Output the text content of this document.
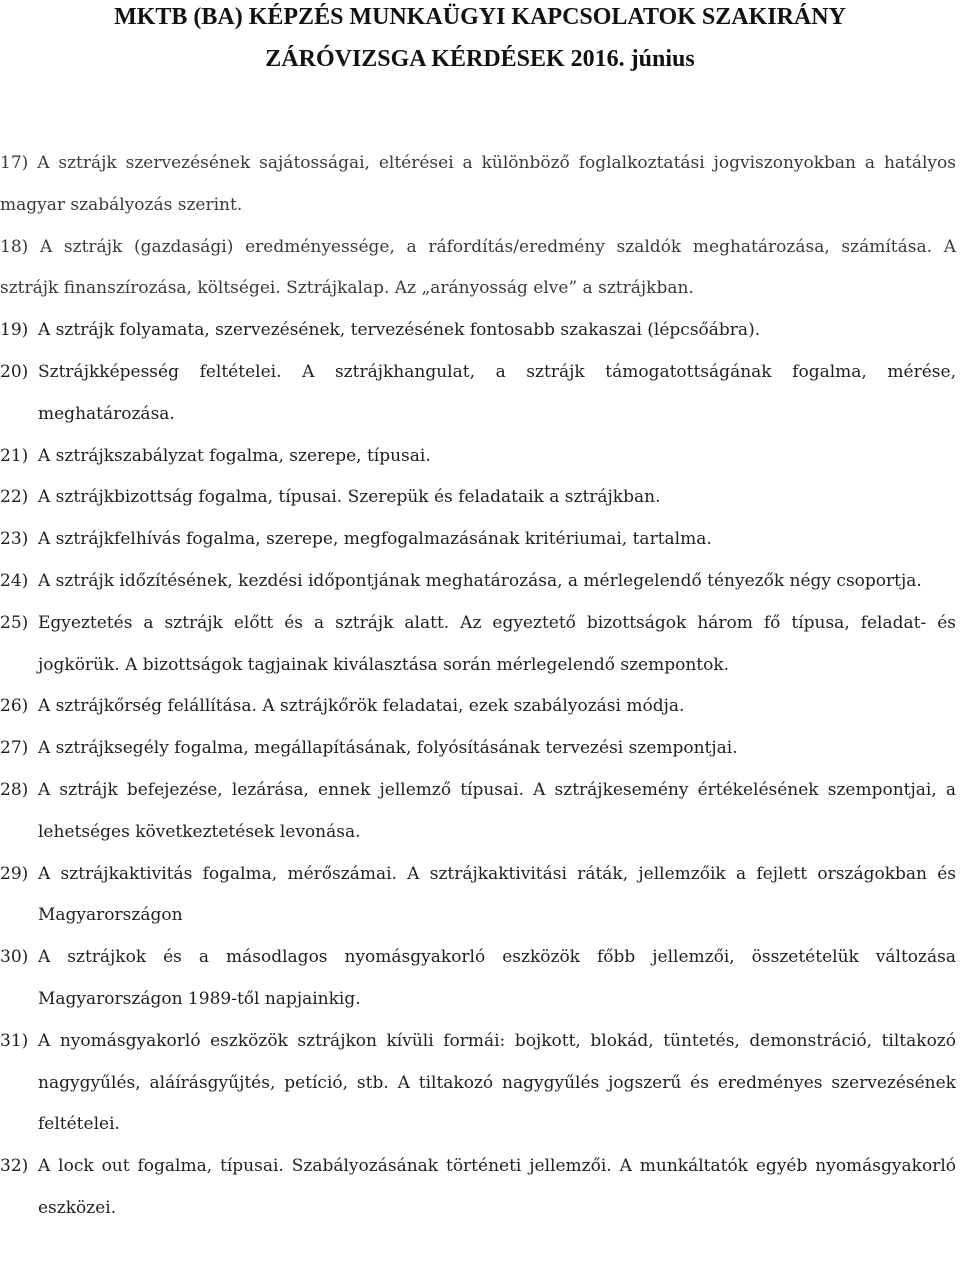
MKTB (BA) KÉPZÉS MUNKAÜGYI KAPCSOLATOK SZAKIRÁNY
ZÁRÓVIZSGA KÉRDÉSEK 2016. június
17) A sztrájk szervezésének sajátosságai, eltérései a különböző foglalkoztatási jogviszonyokban a hatályos magyar szabályozás szerint.
18) A sztrájk (gazdasági) eredményessége, a ráfordítás/eredmény szaldók meghatározása, számítása. A sztrájk finanszírozása, költségei. Sztrájkalap. Az „arányosság elve” a sztrájkban.
19) A sztrájk folyamata, szervezésének, tervezésének fontosabb szakaszai (lépcsőábra).
20) Sztrájkképesség feltételei. A sztrájkhangulat, a sztrájk támogatottságának fogalma, mérése, meghatározása.
21) A sztrájkszabályzat fogalma, szerepe, típusai.
22) A sztrájkbizottság fogalma, típusai. Szerepük és feladataik a sztrájkban.
23) A sztrájkfelhívás fogalma, szerepe, megfogalmazásának kritériumai, tartalma.
24) A sztrájk időzítésének, kezdési időpontjának meghatározása, a mérlegelendő tényezők négy csoportja.
25) Egyeztetés a sztrájk előtt és a sztrájk alatt. Az egyeztető bizottságok három fő típusa, feladat- és jogkörük. A bizottságok tagjainak kiválasztása során mérlegelendő szempontok.
26) A sztrájkőrség felállítása. A sztrájkőrök feladatai, ezek szabályozási módja.
27) A sztrájksegély fogalma, megállapításának, folyósításának tervezési szempontjai.
28) A sztrájk befejezése, lezárása, ennek jellemző típusai. A sztrájkesemény értékelésének szempontjai, a lehetséges következtetések levonása.
29) A sztrájkaktivitás fogalma, mérőszámai. A sztrájkaktivitási ráták, jellemzőik a fejlett országokban és Magyarországon
30) A sztrájkok és a másodlagos nyomásgyakorló eszközök főbb jellemzői, összetételük változása Magyarországon 1989-től napjainkig.
31) A nyomásgyakorló eszközök sztrájkon kívüli formái: bojkott, blokád, tüntetés, demonstráció, tiltakozó nagygyűlés, aláírásgyűjtés, petíció, stb. A tiltakozó nagygyűlés jogszerű és eredményes szervezésének feltételei.
32) A lock out fogalma, típusai. Szabályozásának történeti jellemzői. A munkáltatók egyéb nyomásgyakorló eszközei.
